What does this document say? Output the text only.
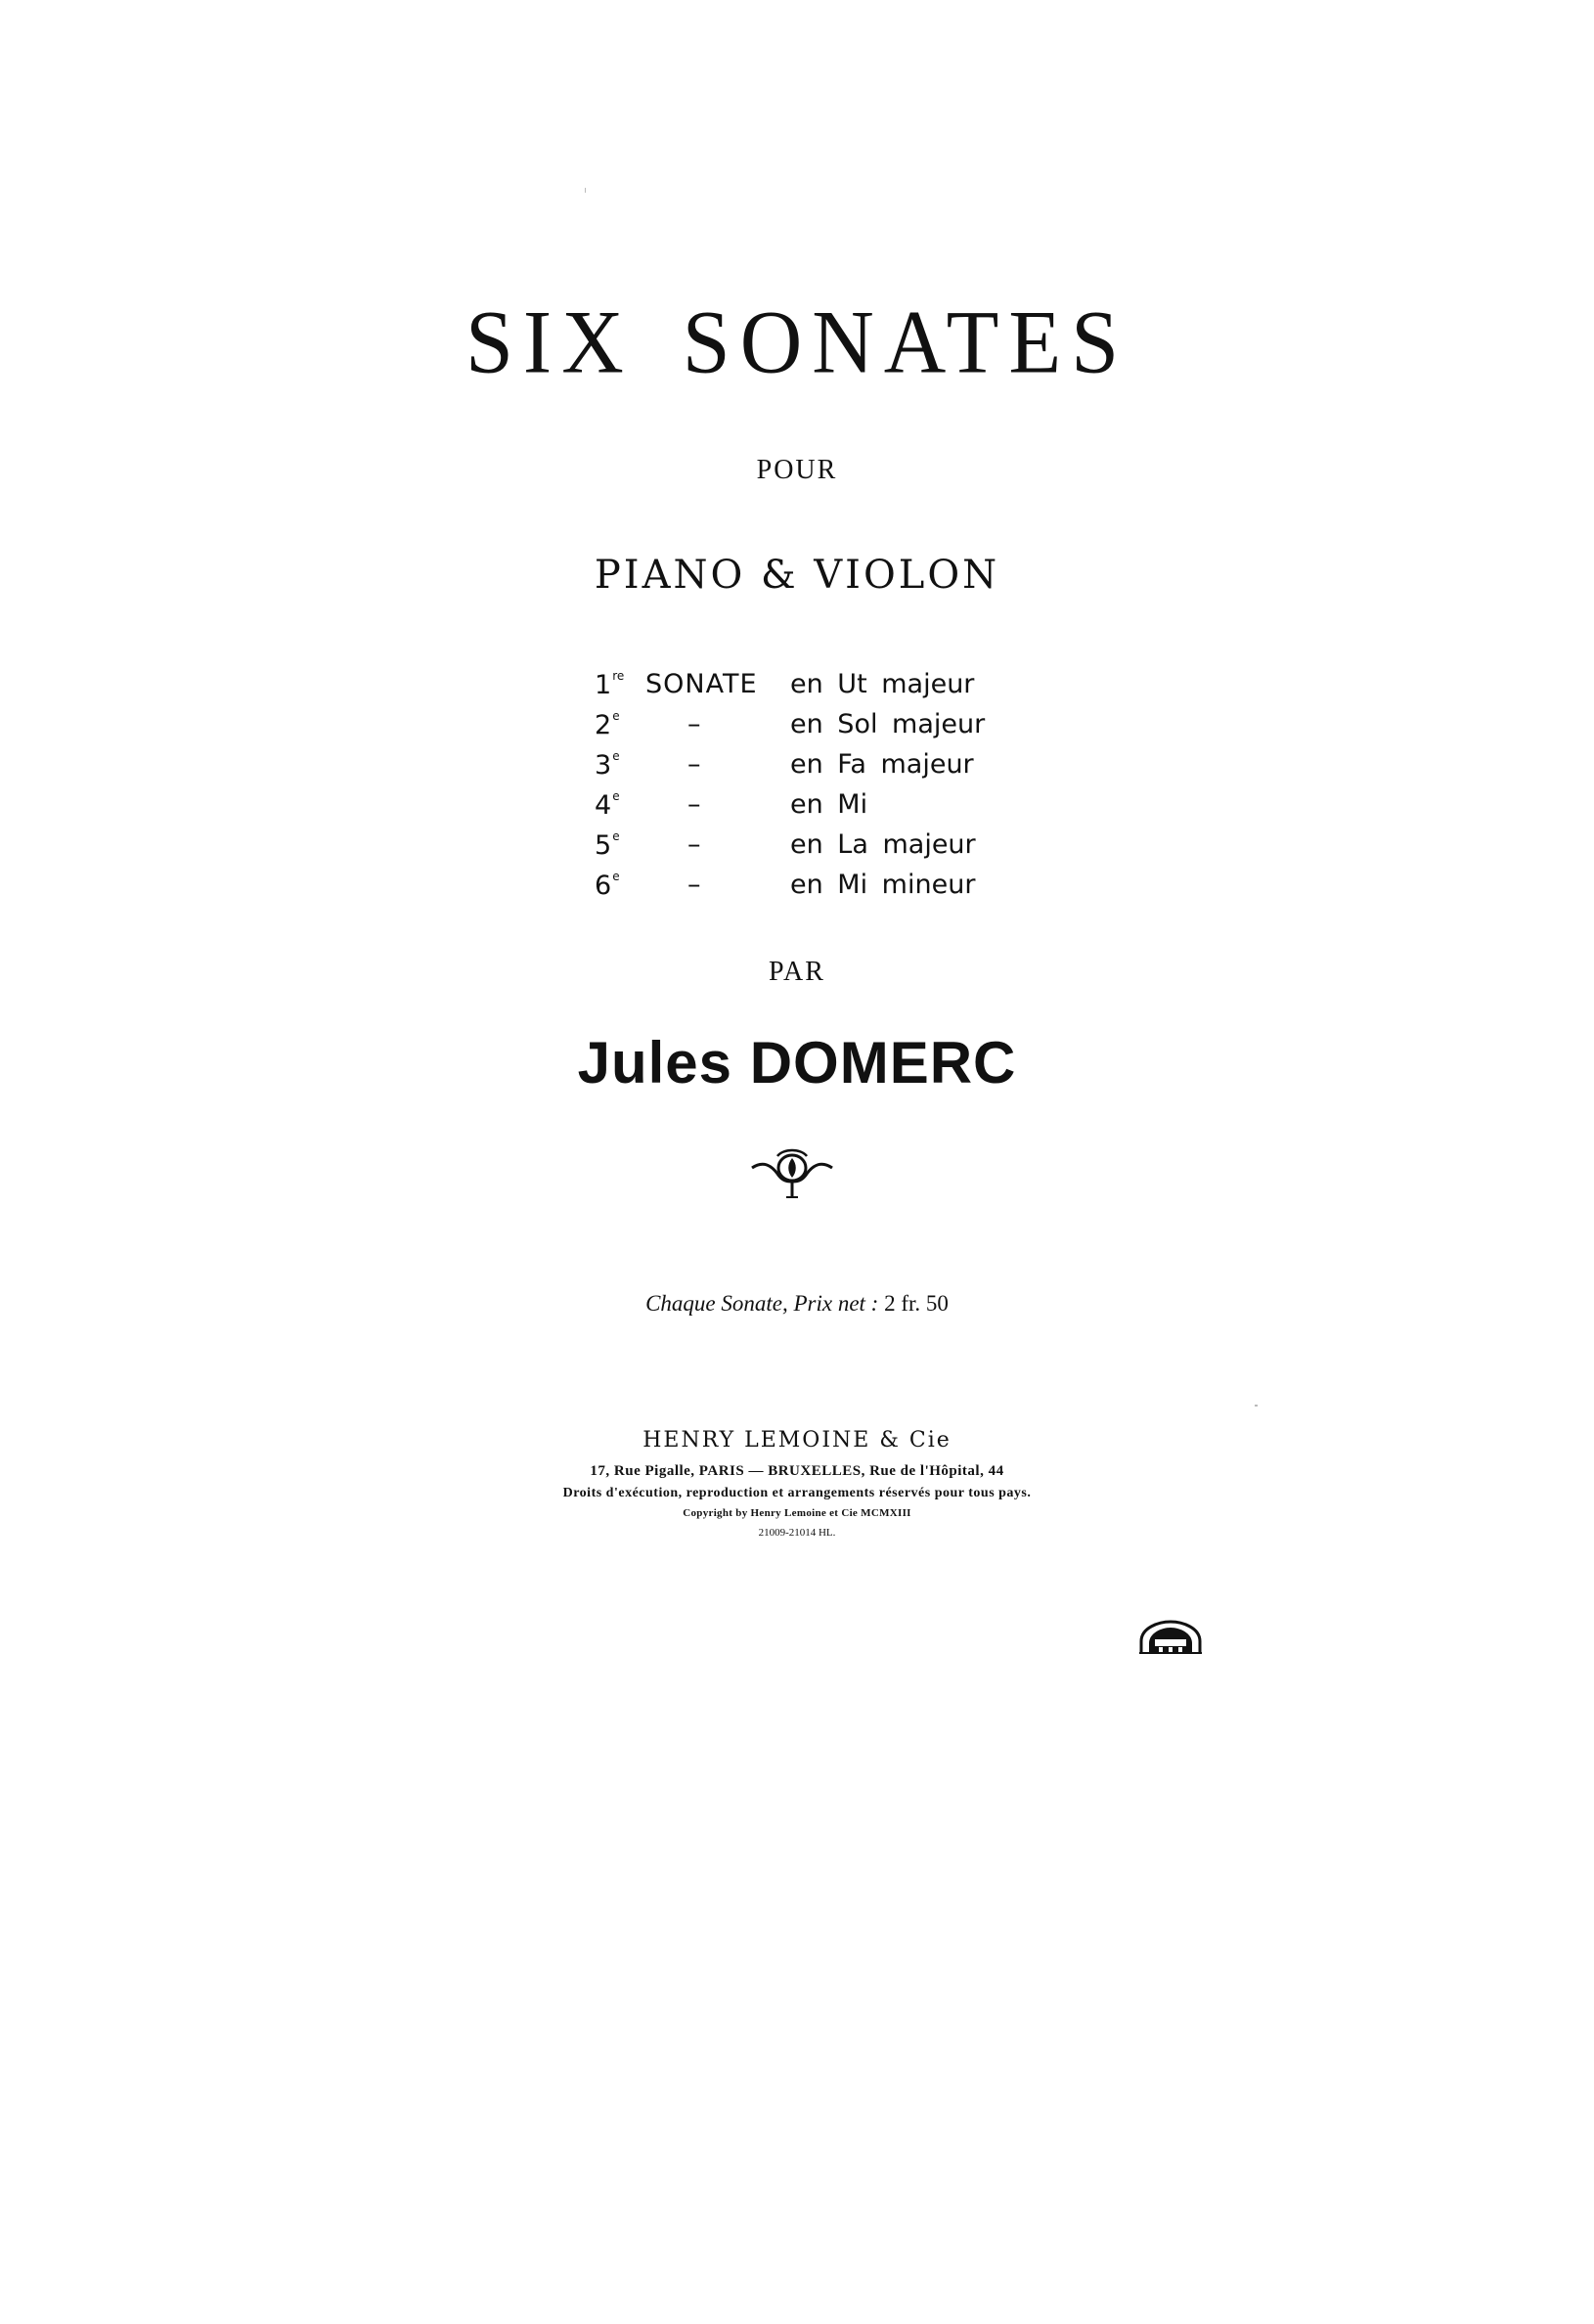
SIX SONATES
POUR
PIANO & VIOLON
1re SONATE en Ut majeur
2e	–	en Sol majeur
3e	–	en Fa majeur
4e	–	en Mi
5e	–	en La majeur
6e	–	en Mi mineur
PAR
Jules DOMERC
Chaque Sonate, Prix net : 2 fr. 50
HENRY LEMOINE & Cie
17, Rue Pigalle, PARIS — BRUXELLES, Rue de l'Hôpital, 44
Droits d'exécution, reproduction et arrangements réservés pour tous pays.
Copyright by Henry Lemoine et Cie MCMXIII
21009-21014 HL.
